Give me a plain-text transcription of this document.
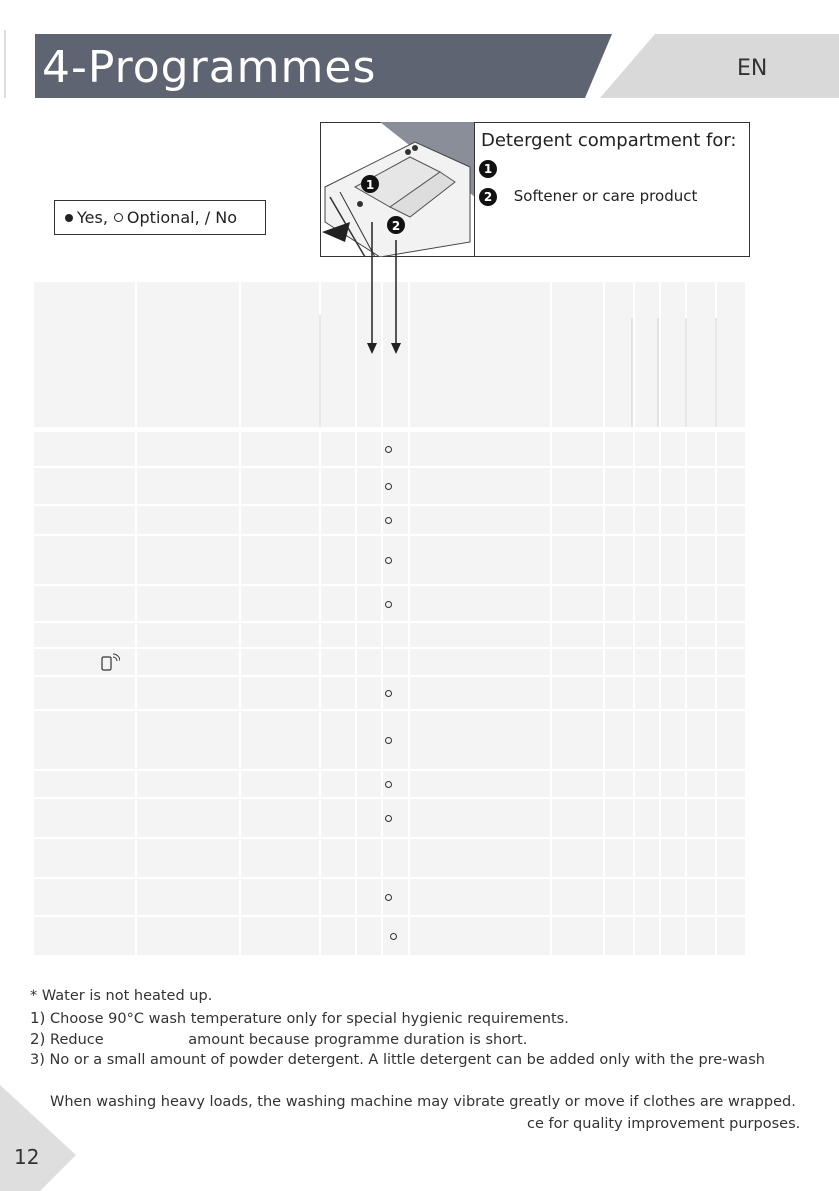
4-Programmes	EN
Yes, Optional, / No
1
2
Detergent compartment for:
1
2 Softener or care product
* Water is not heated up.
1) Choose 90°C wash temperature only for special hygienic requirements.
2) Reduce	amount because programme duration is short.
3) No or a small amount of powder detergent. A little detergent can be added only with the pre-wash
When washing heavy loads, the washing machine may vibrate greatly or move if clothes are wrapped.
ce for quality improvement purposes.
12
